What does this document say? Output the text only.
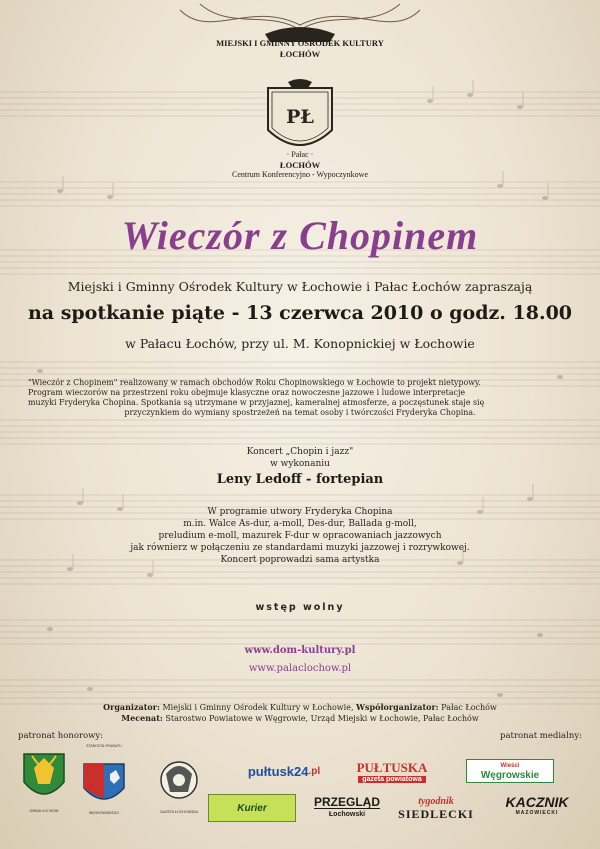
MIEJSKI I GMINNY OŚRODEK KULTURY
ŁOCHÓW
PŁ
· Pałac ·
ŁOCHÓW
Centrum Konferencyjno - Wypoczynkowe
Wieczór z Chopinem
Miejski i Gminny Ośrodek Kultury w Łochowie i Pałac Łochów zapraszają
na spotkanie piąte - 13 czerwca 2010 o godz. 18.00
w Pałacu Łochów, przy ul. M. Konopnickiej w Łochowie

"Wieczór z Chopinem" realizowany w ramach obchodów Roku Chopinowskiego w Łochowie to projekt nietypowy.
Program wieczorów na przestrzeni roku obejmuje klasyczne oraz nowoczesne jazzowe i ludowe interpretacje
muzyki Fryderyka Chopina. Spotkania są utrzymane w przyjaznej, kameralnej atmosferze, a poczęstunek staje się
przyczynkiem do wymiany spostrzeżeń na temat osoby i twórczości Fryderyka Chopina.

Koncert „Chopin i jazz"
w wykonaniu
Leny Ledoff - fortepian
W programie utwory Fryderyka Chopina
m.in. Walce As-dur, a-moll, Des-dur, Ballada g-moll,
preludium e-moll, mazurek F-dur w opracowaniach jazzowych
jak równierz w połączeniu ze standardami muzyki jazzowej i rozrywkowej.
Koncert poprowadzi sama artystka
wstęp wolny
www.dom-kultury.pl
www.palaclochow.pl
Organizator: Miejski i Gminny Ośrodek Kultury w Łochowie, Współorganizator: Pałac Łochów
Mecenat: Starostwo Powiatowe w Węgrowie, Urząd Miejski w Łochowie, Pałac Łochów
patronat honorowy:	patronat medialny:
GMINA ŁOCHÓW
STAROSTA POWIATU
WĘGROWSKIEGO	GAZETA ŁOCHOWSKA
pułtusk24 .pl	PUŁTUSKA
gazeta powiatowa
Wieści
Węgrowskie
Kurier	PRZEGLĄD
Łochowski
tygodnik
SIEDLECKI
KACZNIK
MAZOWIECKI
